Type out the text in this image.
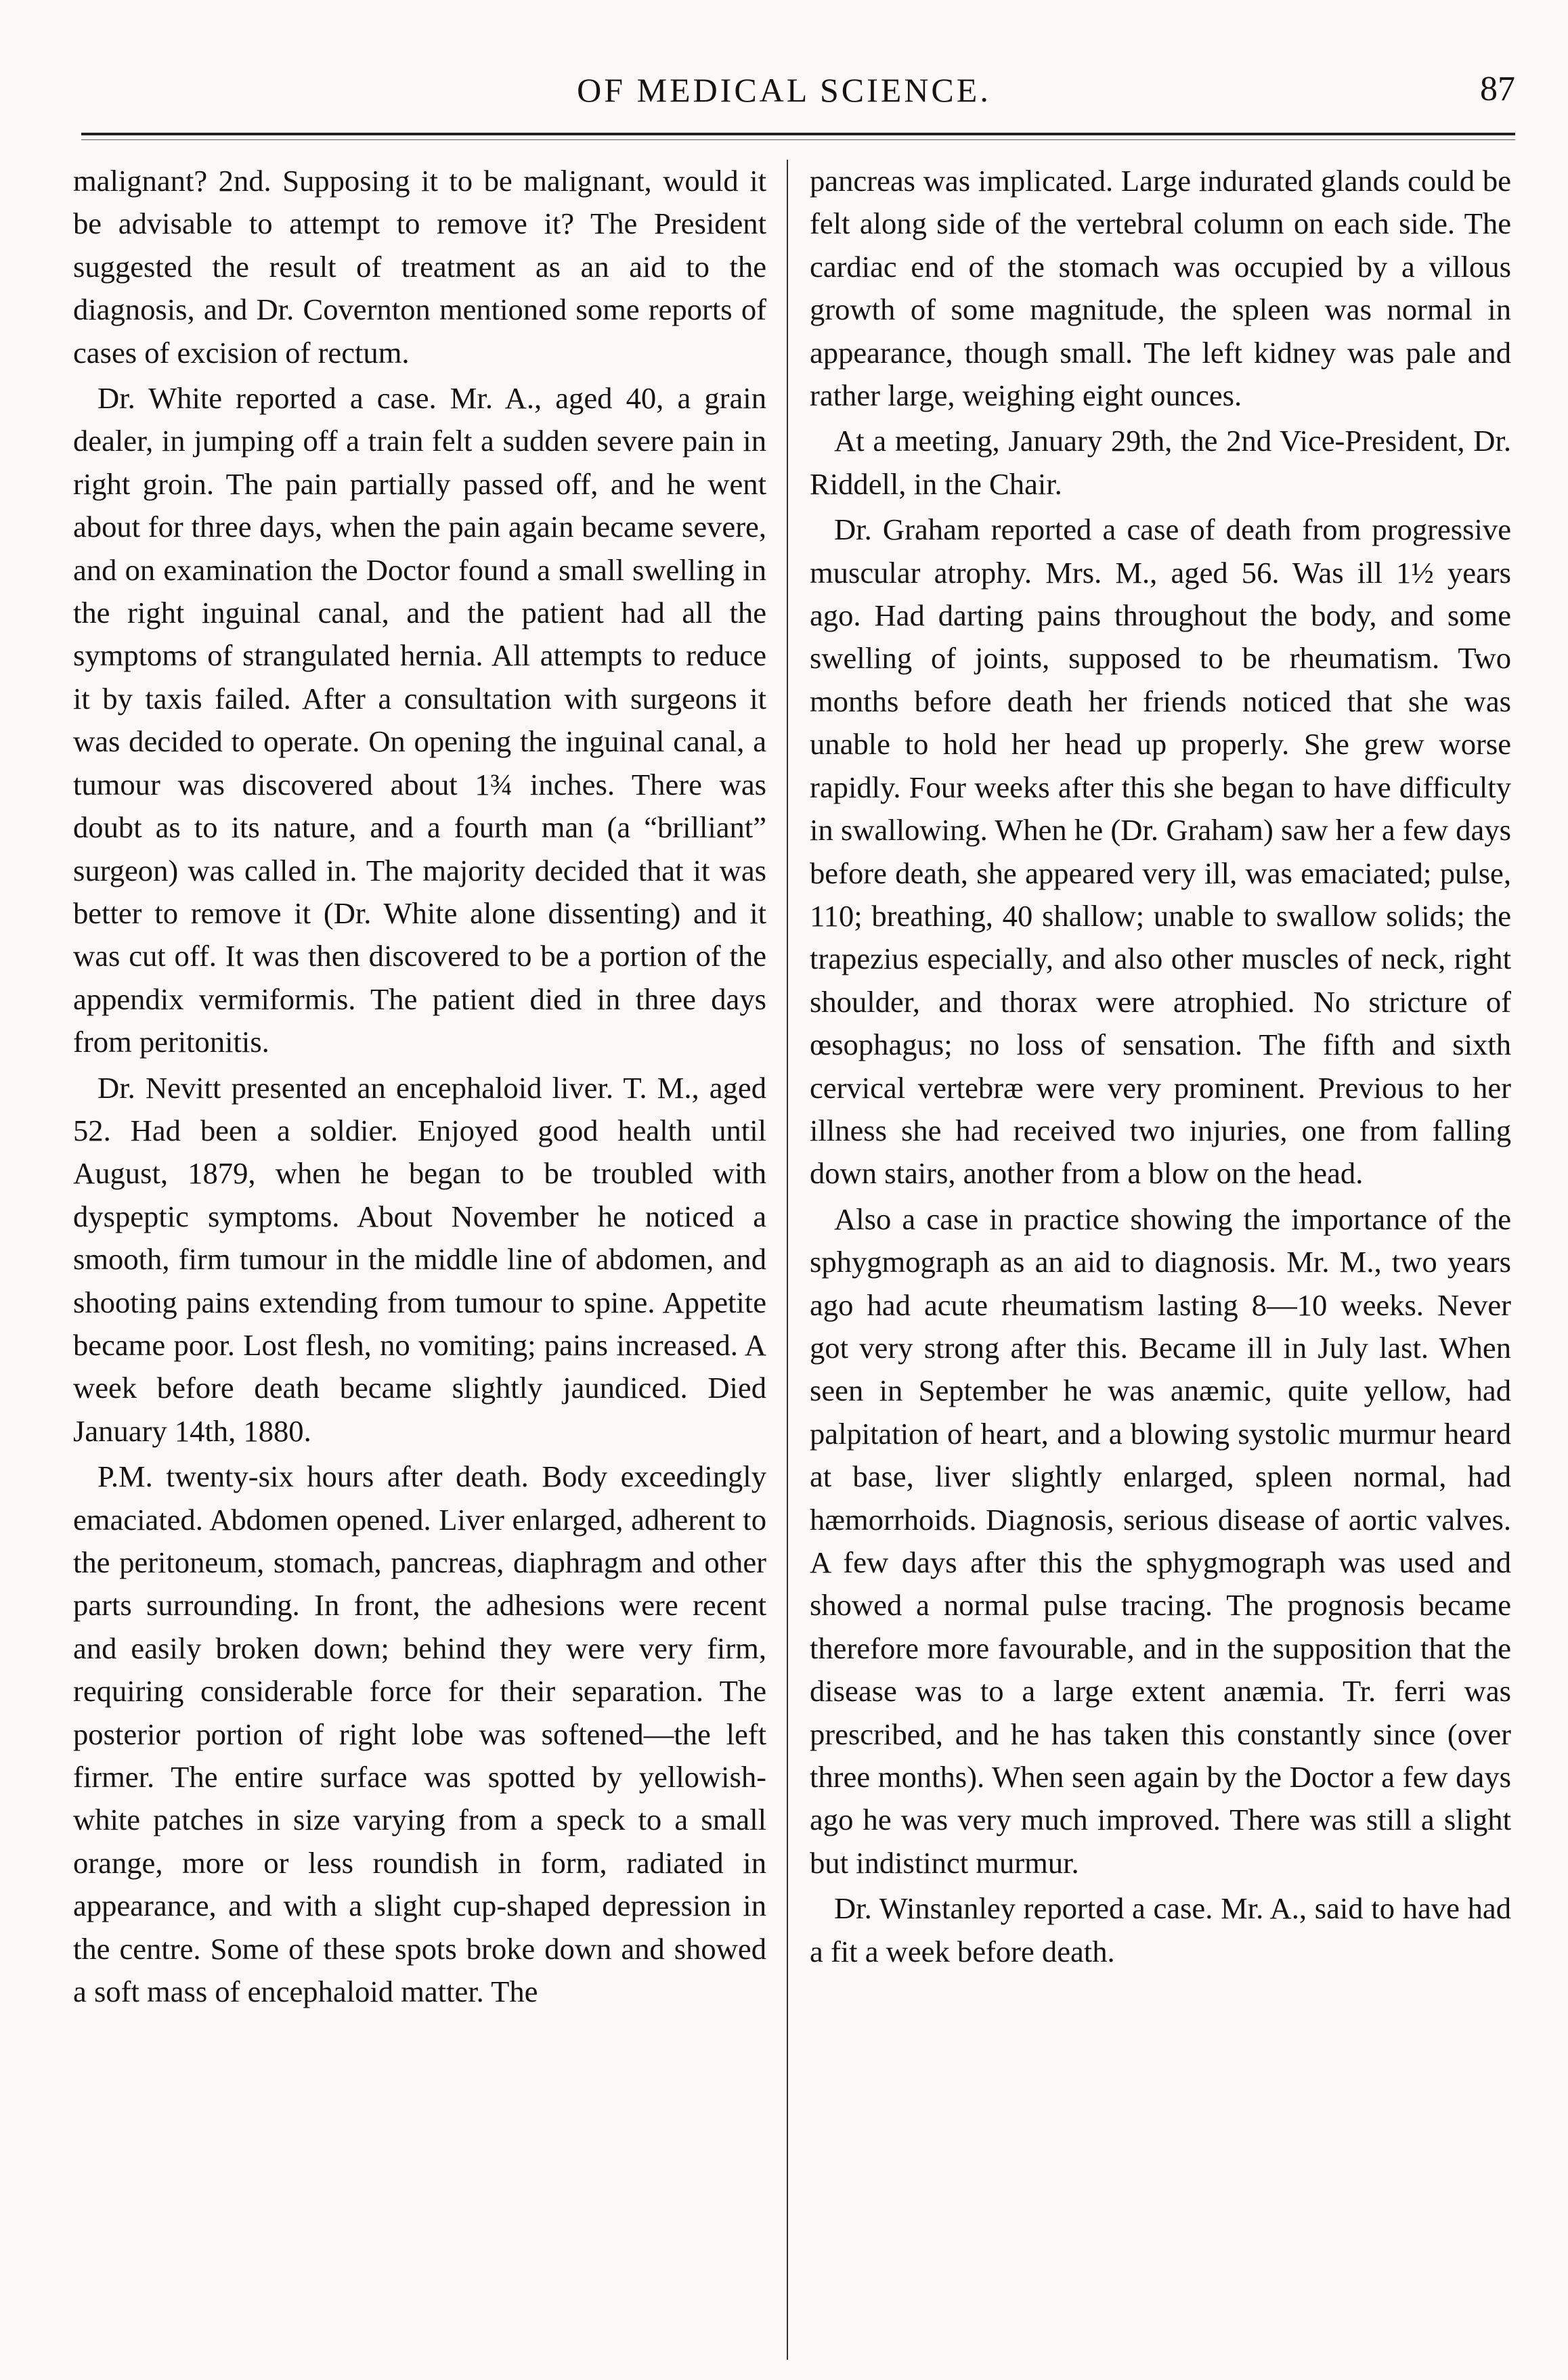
OF MEDICAL SCIENCE.	87

malignant? 2nd. Supposing it to be malignant, would it be advisable to attempt to remove it? The President suggested the result of treatment as an aid to the diagnosis, and Dr. Covernton mentioned some reports of cases of excision of rectum.

Dr. White reported a case. Mr. A., aged 40, a grain dealer, in jumping off a train felt a sudden severe pain in right groin. The pain partially passed off, and he went about for three days, when the pain again became severe, and on examination the Doctor found a small swelling in the right inguinal canal, and the patient had all the symptoms of strangulated hernia. All attempts to reduce it by taxis failed. After a consultation with surgeons it was decided to operate. On opening the inguinal canal, a tumour was discovered about 1¾ inches. There was doubt as to its nature, and a fourth man (a “brilliant” surgeon) was called in. The majority decided that it was better to remove it (Dr. White alone dissenting) and it was cut off. It was then discovered to be a portion of the appendix vermiformis. The patient died in three days from peritonitis.

Dr. Nevitt presented an encephaloid liver. T. M., aged 52. Had been a soldier. Enjoyed good health until August, 1879, when he began to be troubled with dyspeptic symptoms. About November he noticed a smooth, firm tumour in the middle line of abdomen, and shooting pains extending from tumour to spine. Appetite became poor. Lost flesh, no vomiting; pains increased. A week before death became slightly jaundiced. Died January 14th, 1880.

P.M. twenty-six hours after death. Body exceedingly emaciated. Abdomen opened. Liver enlarged, adherent to the peritoneum, stomach, pancreas, diaphragm and other parts surrounding. In front, the adhesions were recent and easily broken down; behind they were very firm, requiring considerable force for their separation. The posterior portion of right lobe was softened—the left firmer. The entire surface was spotted by yellowish-white patches in size varying from a speck to a small orange, more or less roundish in form, radiated in appearance, and with a slight cup-shaped depression in the centre. Some of these spots broke down and showed a soft mass of encephaloid matter. The

pancreas was implicated. Large indurated glands could be felt along side of the vertebral column on each side. The cardiac end of the stomach was occupied by a villous growth of some magnitude, the spleen was normal in appearance, though small. The left kidney was pale and rather large, weighing eight ounces.

At a meeting, January 29th, the 2nd Vice-President, Dr. Riddell, in the Chair.

Dr. Graham reported a case of death from progressive muscular atrophy. Mrs. M., aged 56. Was ill 1½ years ago. Had darting pains throughout the body, and some swelling of joints, supposed to be rheumatism. Two months before death her friends noticed that she was unable to hold her head up properly. She grew worse rapidly. Four weeks after this she began to have difficulty in swallowing. When he (Dr. Graham) saw her a few days before death, she appeared very ill, was emaciated; pulse, 110; breathing, 40 shallow; unable to swallow solids; the trapezius especially, and also other muscles of neck, right shoulder, and thorax were atrophied. No stricture of œsophagus; no loss of sensation. The fifth and sixth cervical vertebræ were very prominent. Previous to her illness she had received two injuries, one from falling down stairs, another from a blow on the head.

Also a case in practice showing the importance of the sphygmograph as an aid to diagnosis. Mr. M., two years ago had acute rheumatism lasting 8—10 weeks. Never got very strong after this. Became ill in July last. When seen in September he was anæmic, quite yellow, had palpitation of heart, and a blowing systolic murmur heard at base, liver slightly enlarged, spleen normal, had hæmorrhoids. Diagnosis, serious disease of aortic valves. A few days after this the sphygmograph was used and showed a normal pulse tracing. The prognosis became therefore more favourable, and in the supposition that the disease was to a large extent anæmia. Tr. ferri was prescribed, and he has taken this constantly since (over three months). When seen again by the Doctor a few days ago he was very much improved. There was still a slight but indistinct murmur.

Dr. Winstanley reported a case. Mr. A., said to have had a fit a week before death.
